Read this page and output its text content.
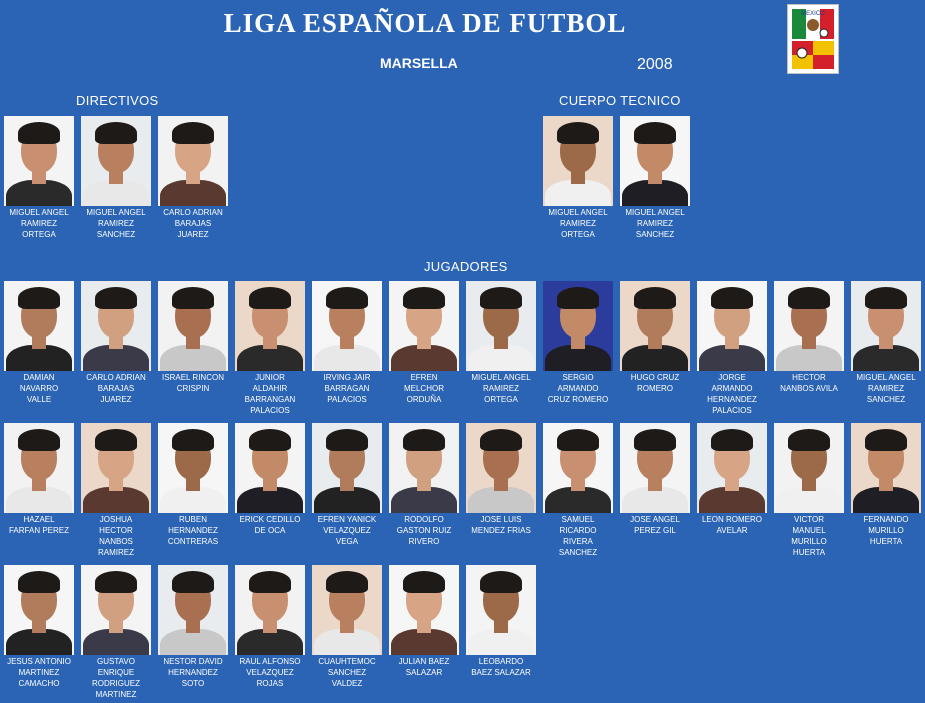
LIGA ESPAÑOLA DE FUTBOL
MARSELLA	2008
MEXICO
DIRECTIVOS	CUERPO TECNICO
JUGADORES
MIGUEL ANGEL
RAMIREZ
ORTEGA
MIGUEL ANGEL
RAMIREZ
SANCHEZ
CARLO ADRIAN
BARAJAS
JUAREZ
MIGUEL ANGEL
RAMIREZ
ORTEGA
MIGUEL ANGEL
RAMIREZ
SANCHEZ
DAMIAN
NAVARRO
VALLE
CARLO ADRIAN
BARAJAS
JUAREZ
ISRAEL RINCON
CRISPIN
JUNIOR
ALDAHIR
BARRANGAN
PALACIOS
IRVING JAIR
BARRAGAN
PALACIOS
EFREN
MELCHOR
ORDUÑA
MIGUEL ANGEL
RAMIREZ
ORTEGA
SERGIO
ARMANDO
CRUZ ROMERO
HUGO CRUZ
ROMERO
JORGE
ARMANDO
HERNANDEZ
PALACIOS
HECTOR
NANBOS AVILA
MIGUEL ANGEL
RAMIREZ
SANCHEZ
HAZAEL
FARFAN PEREZ
JOSHUA
HECTOR
NANBOS
RAMIREZ
RUBEN
HERNANDEZ
CONTRERAS
ERICK CEDILLO
DE OCA
EFREN YANICK
VELAZQUEZ
VEGA
RODOLFO
GASTON RUIZ
RIVERO
JOSE LUIS
MENDEZ FRIAS
SAMUEL
RICARDO
RIVERA
SANCHEZ
JOSE ANGEL
PEREZ GIL
LEON ROMERO
AVELAR
VICTOR
MANUEL
MURILLO
HUERTA
FERNANDO
MURILLO
HUERTA
JESUS ANTONIO
MARTINEZ
CAMACHO
GUSTAVO
ENRIQUE
RODRIGUEZ
MARTINEZ
NESTOR DAVID
HERNANDEZ
SOTO
RAUL ALFONSO
VELAZQUEZ
ROJAS
CUAUHTEMOC
SANCHEZ
VALDEZ
JULIAN BAEZ
SALAZAR
LEOBARDO
BAEZ SALAZAR
